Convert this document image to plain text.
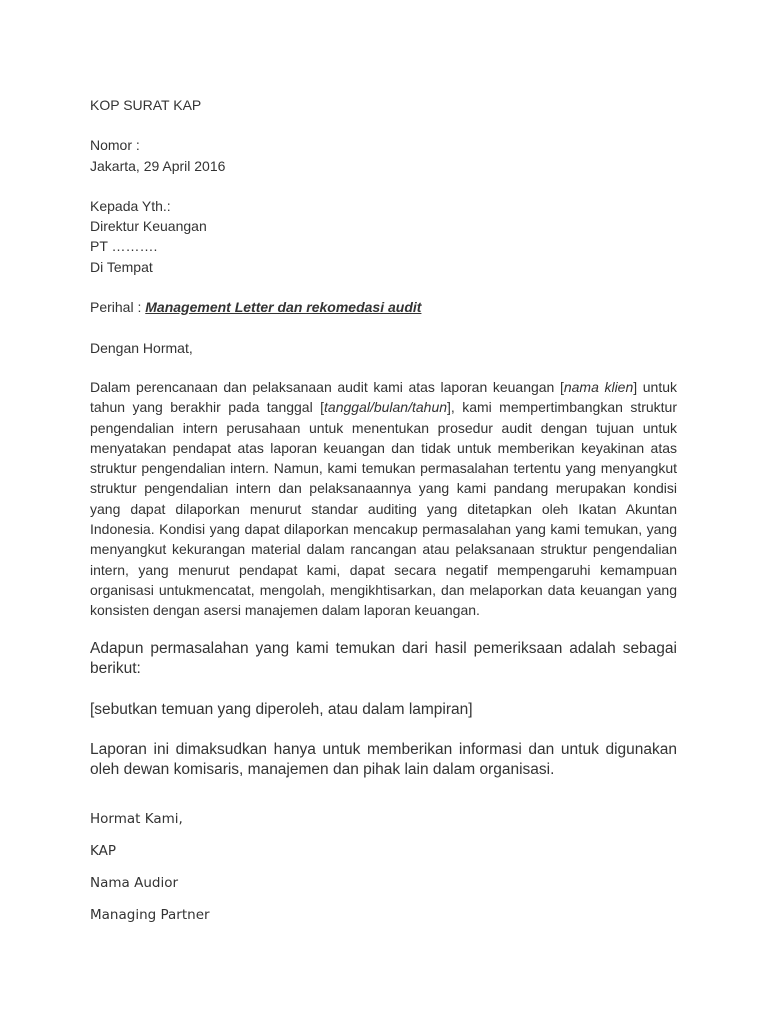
KOP SURAT KAP
Nomor :
Jakarta, 29 April 2016
Kepada Yth.:
Direktur Keuangan
PT ……….
Di Tempat
Perihal : Management Letter dan rekomedasi audit
Dengan Hormat,
Dalam perencanaan dan pelaksanaan audit kami atas laporan keuangan [nama klien] untuk tahun yang berakhir pada tanggal [tanggal/bulan/tahun], kami mempertimbangkan struktur pengendalian intern perusahaan untuk menentukan prosedur audit dengan tujuan untuk menyatakan pendapat atas laporan keuangan dan tidak untuk memberikan keyakinan atas struktur pengendalian intern. Namun, kami temukan permasalahan tertentu yang menyangkut struktur pengendalian intern dan pelaksanaannya yang kami pandang merupakan kondisi yang dapat dilaporkan menurut standar auditing yang ditetapkan oleh Ikatan Akuntan Indonesia. Kondisi yang dapat dilaporkan mencakup permasalahan yang kami temukan, yang menyangkut kekurangan material dalam rancangan atau pelaksanaan struktur pengendalian intern, yang menurut pendapat kami, dapat secara negatif mempengaruhi kemampuan organisasi untukmencatat, mengolah, mengikhtisarkan, dan melaporkan data keuangan yang konsisten dengan asersi manajemen dalam laporan keuangan.
Adapun permasalahan yang kami temukan dari hasil pemeriksaan adalah sebagai berikut:
[sebutkan temuan yang diperoleh, atau dalam lampiran]
Laporan ini dimaksudkan hanya untuk memberikan informasi dan untuk digunakan oleh dewan komisaris, manajemen dan pihak lain dalam organisasi.
Hormat Kami,
KAP
Nama Audior
Managing Partner
